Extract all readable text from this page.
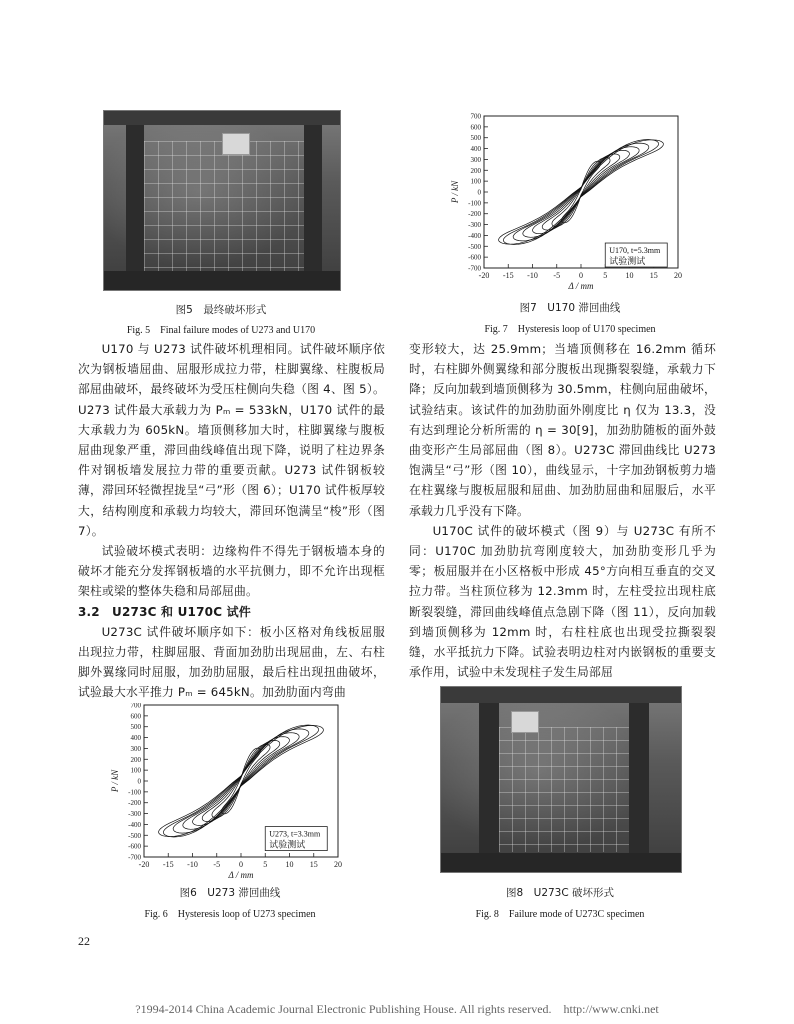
图5　最终破坏形式
Fig. 5　Final failure modes of U273 and U170
700
600
500
400
300
200
100
0
-100
-200
-300
-400
-500
-600
-700
-20 -15 -10 -5 0	5 10 15 20
Δ / mm
P / kN
U170, t=5.3mm
试验测试
图7　U170 滞回曲线
Fig. 7　Hysteresis loop of U170 specimen

U170 与 U273 试件破坏机理相同。试件破坏顺序依次为钢板墙屈曲、屈服形成拉力带，柱脚翼缘、柱腹板局部屈曲破坏，最终破坏为受压柱侧向失稳（图 4、图 5）。U273 试件最大承载力为 Pₘ = 533kN，U170 试件的最大承载力为 605kN。墙顶侧移加大时，柱脚翼缘与腹板屈曲现象严重，滞回曲线峰值出现下降，说明了柱边界条件对钢板墙发展拉力带的重要贡献。U273 试件钢板较薄，滞回环轻微捏拢呈“弓”形（图 6）；U170 试件板厚较大，结构刚度和承载力均较大，滞回环饱满呈“梭”形（图 7）。

试验破坏模式表明：边缘构件不得先于钢板墙本身的破坏才能充分发挥钢板墙的水平抗侧力，即不允许出现框架柱或梁的整体失稳和局部屈曲。

3.2　U273C 和 U170C 试件

U273C 试件破坏顺序如下：板小区格对角线板屈服出现拉力带，柱脚屈服、背面加劲肋出现屈曲，左、右柱脚外翼缘同时屈服，加劲肋屈服，最后柱出现扭曲破坏，试验最大水平推力 Pₘ = 645kN。加劲肋面内弯曲

700
600
500
400
300
200
100
0
-100
-200
-300
-400
-500
-600
-700
-20 -15 -10 -5 0	5 10 15 20
Δ / mm
P / kN
U273, t=3.3mm
试验测试
图6　U273 滞回曲线
Fig. 6　Hysteresis loop of U273 specimen

变形较大，达 25.9mm；当墙顶侧移在 16.2mm 循环时，右柱脚外侧翼缘和部分腹板出现撕裂裂缝，承载力下降；反向加载到墙顶侧移为 30.5mm，柱侧向屈曲破坏，试验结束。该试件的加劲肋面外刚度比 η 仅为 13.3，没有达到理论分析所需的 η = 30[9]，加劲肋随板的面外鼓曲变形产生局部屈曲（图 8）。U273C 滞回曲线比 U273 饱满呈“弓”形（图 10），曲线显示，十字加劲钢板剪力墙在柱翼缘与腹板屈服和屈曲、加劲肋屈曲和屈服后，水平承载力几乎没有下降。

U170C 试件的破坏模式（图 9）与 U273C 有所不同：U170C 加劲肋抗弯刚度较大，加劲肋变形几乎为零；板屈服并在小区格板中形成 45°方向相互垂直的交叉拉力带。当柱顶位移为 12.3mm 时，左柱受拉出现柱底断裂裂缝，滞回曲线峰值点急剧下降（图 11），反向加载到墙顶侧移为 12mm 时，右柱柱底也出现受拉撕裂裂缝，水平抵抗力下降。试验表明边柱对内嵌钢板的重要支承作用，试验中未发现柱子发生局部屈

图8　U273C 破坏形式
Fig. 8　Failure mode of U273C specimen
22
?1994-2014 China Academic Journal Electronic Publishing House. All rights reserved.　http://www.cnki.net
